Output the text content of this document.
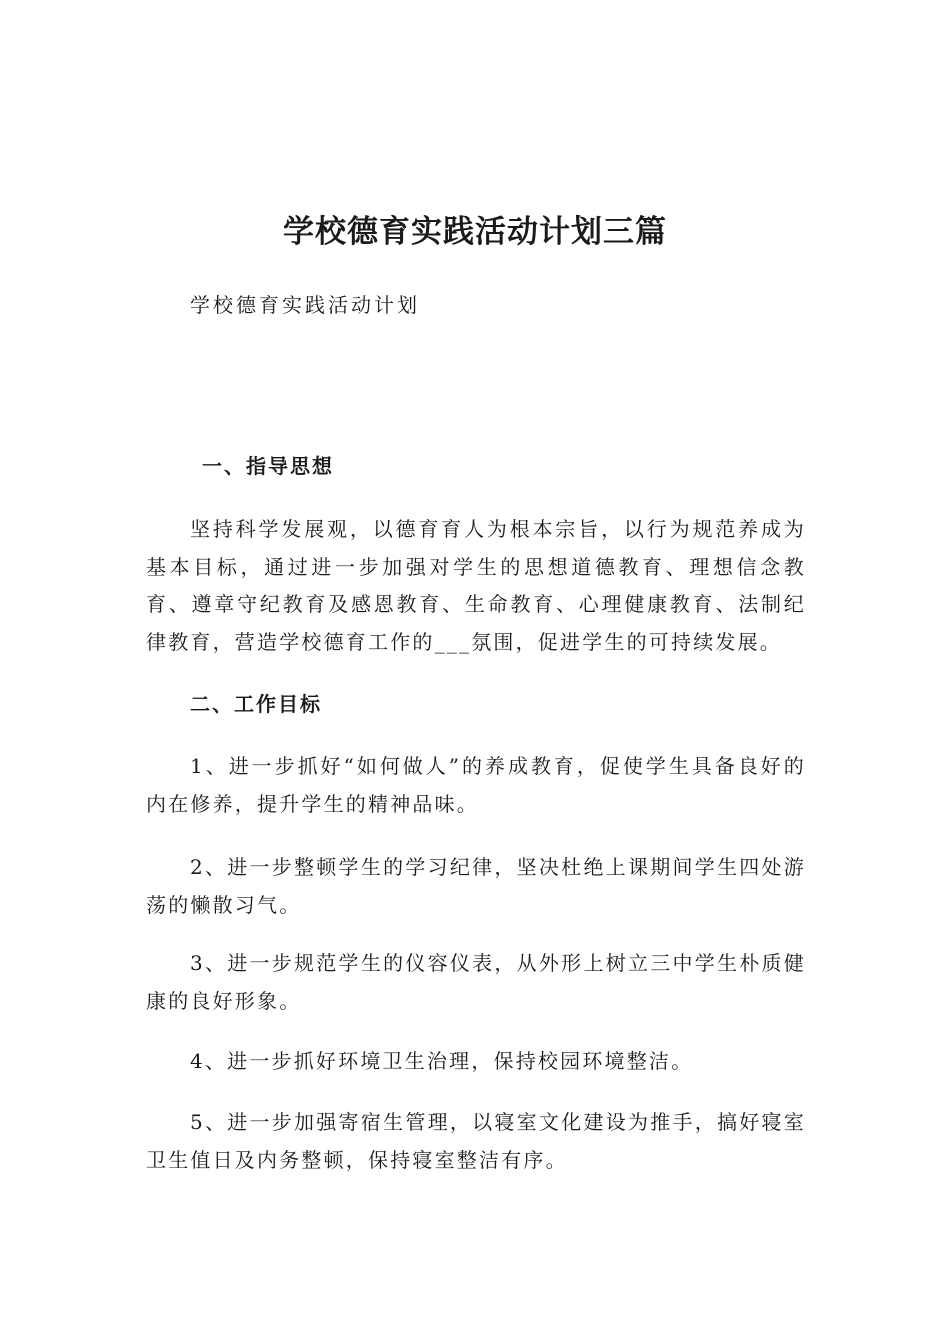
学校德育实践活动计划三篇

学校德育实践活动计划

一、指导思想

坚持科学发展观，以德育育人为根本宗旨，以行为规范养成为基本目标，通过进一步加强对学生的思想道德教育、理想信念教育、遵章守纪教育及感恩教育、生命教育、心理健康教育、法制纪律教育，营造学校德育工作的___氛围，促进学生的可持续发展。

二、工作目标

1、进一步抓好“如何做人”的养成教育，促使学生具备良好的内在修养，提升学生的精神品味。

2、进一步整顿学生的学习纪律，坚决杜绝上课期间学生四处游荡的懒散习气。

3、进一步规范学生的仪容仪表，从外形上树立三中学生朴质健康的良好形象。

4、进一步抓好环境卫生治理，保持校园环境整洁。

5、进一步加强寄宿生管理，以寝室文化建设为推手，搞好寝室卫生值日及内务整顿，保持寝室整洁有序。
